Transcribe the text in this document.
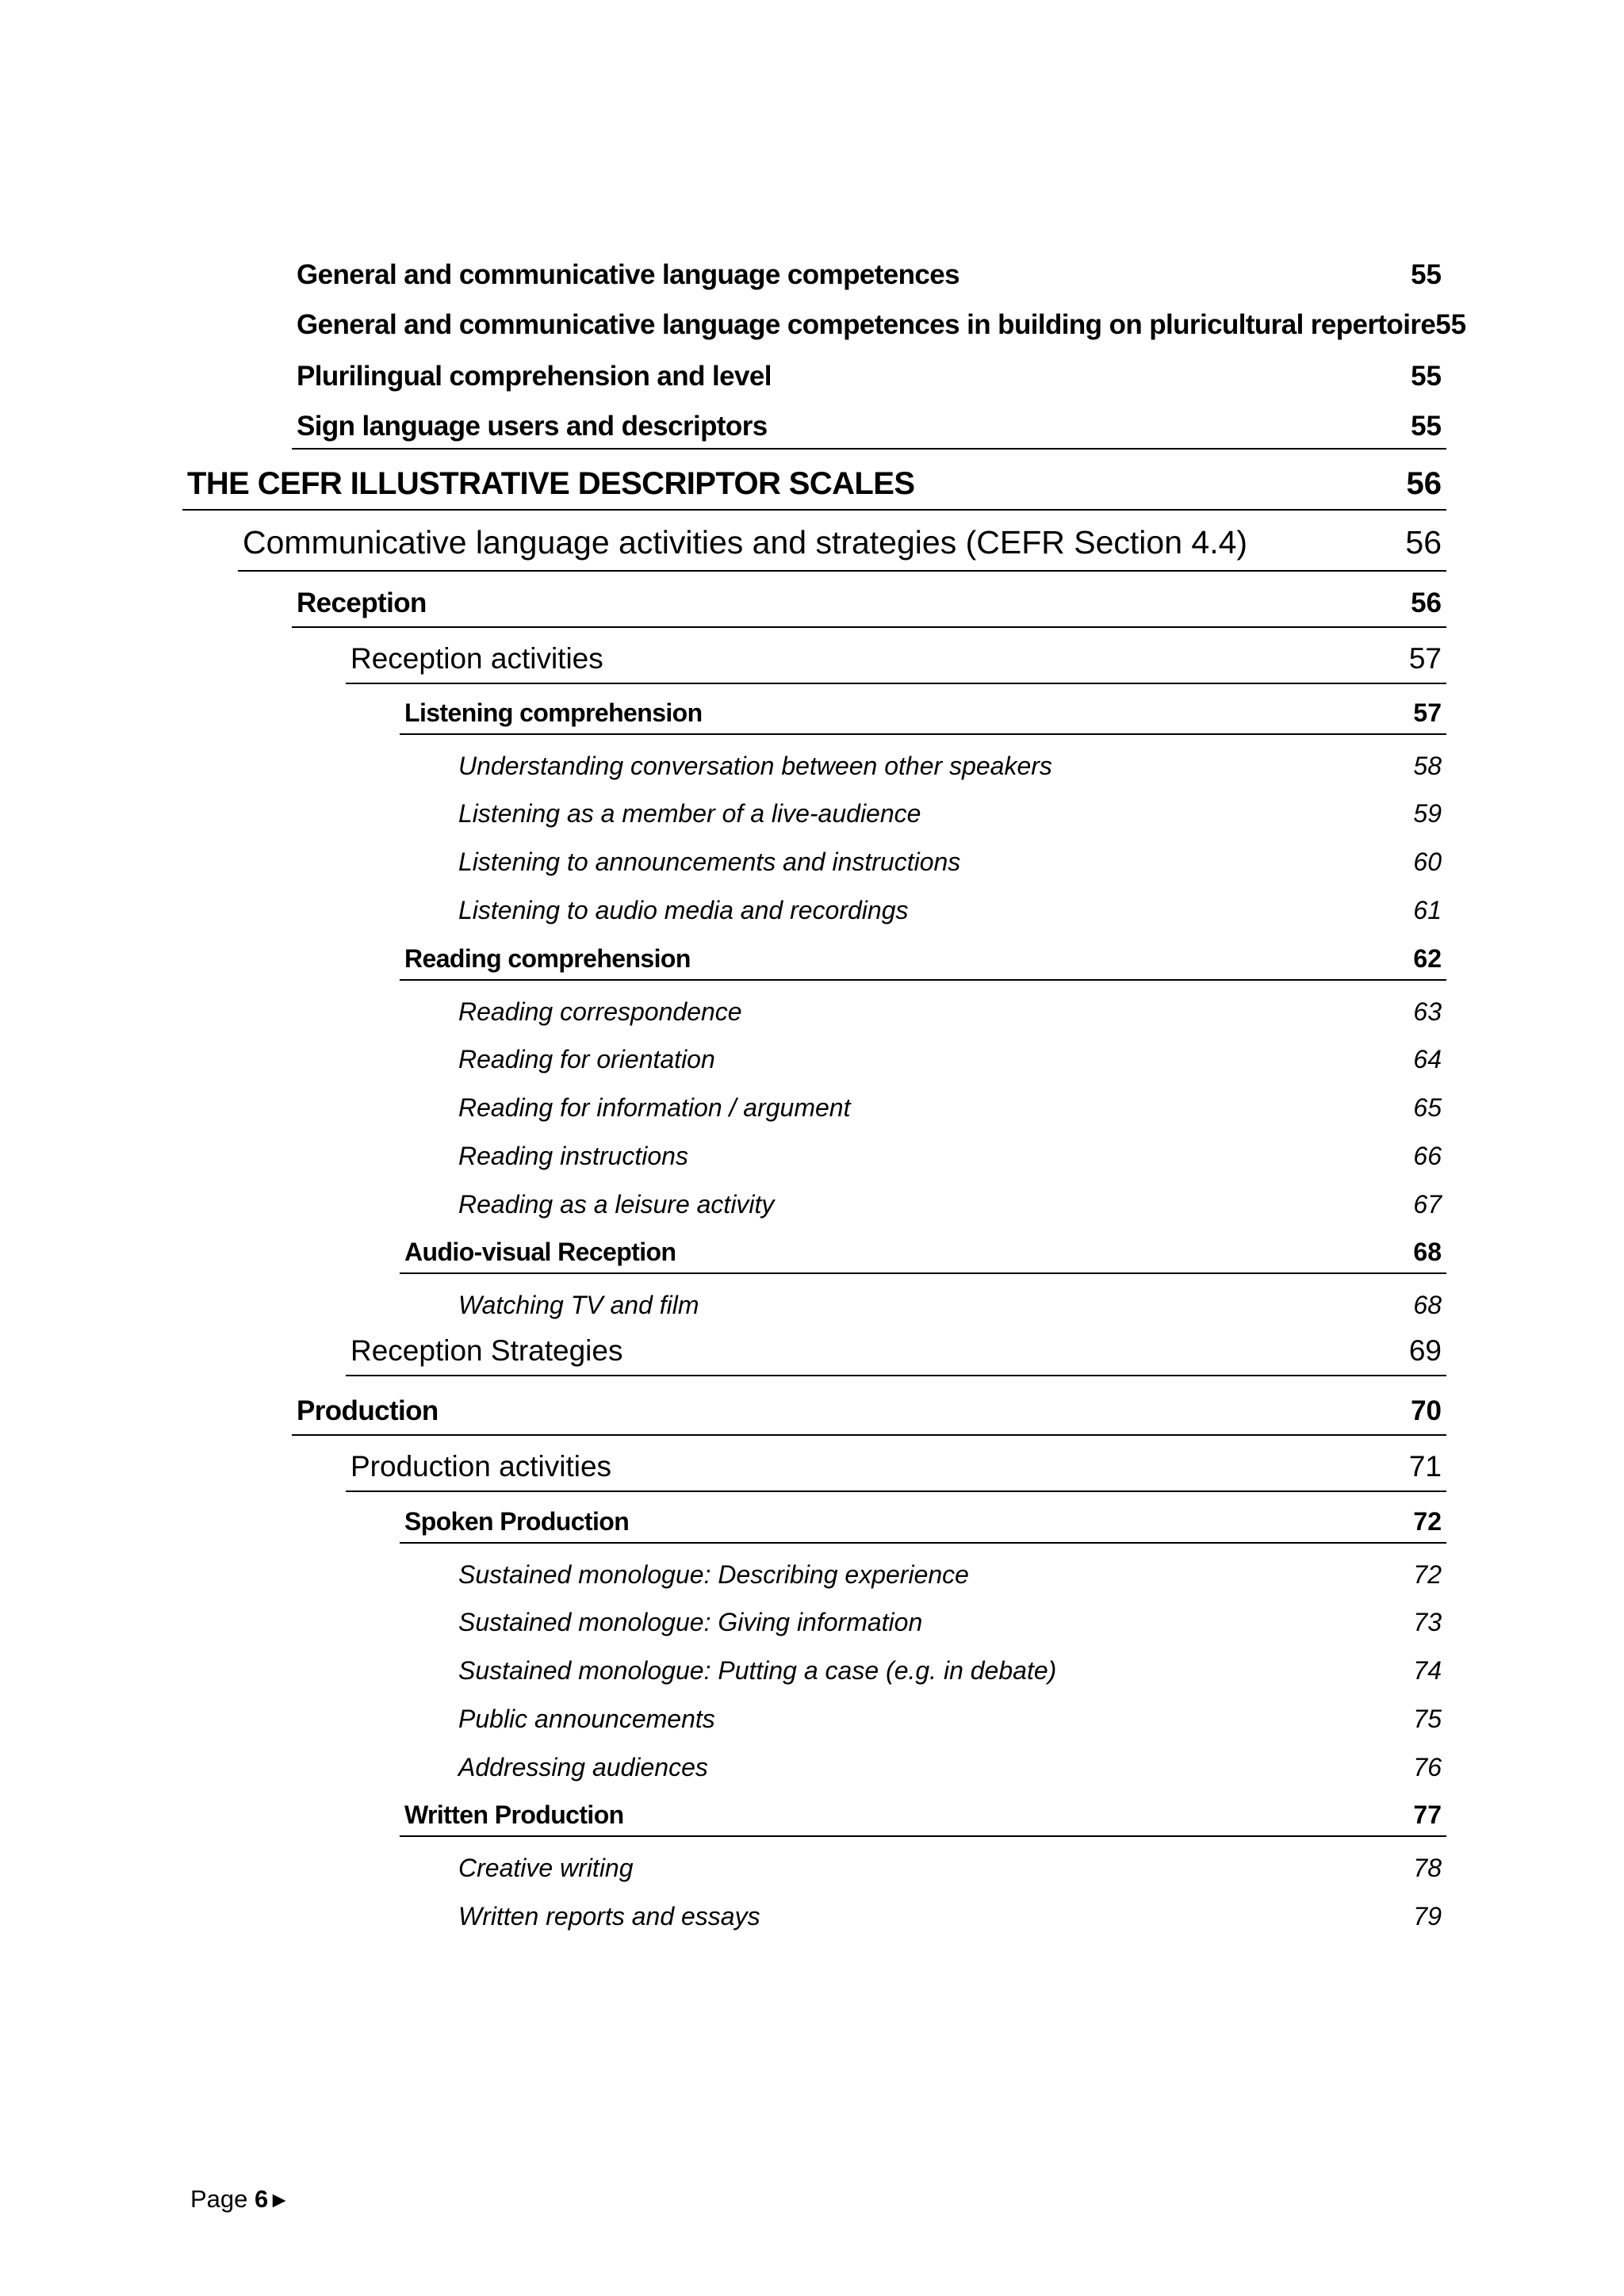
General and communicative language competences	55
General and communicative language competences in building on pluricultural repertoire 55
Plurilingual comprehension and level	55
Sign language users and descriptors	55
THE CEFR ILLUSTRATIVE DESCRIPTOR SCALES	56
Communicative language activities and strategies (CEFR Section 4.4)	56
Reception	56
Reception activities	57
Listening comprehension	57
Understanding conversation between other speakers	58
Listening as a member of a live-audience	59
Listening to announcements and instructions	60
Listening to audio media and recordings	61
Reading comprehension	62
Reading correspondence	63
Reading for orientation	64
Reading for information / argument	65
Reading instructions	66
Reading as a leisure activity	67
Audio-visual Reception	68
Watching TV and film	68
Reception Strategies	69
Production	70
Production activities	71
Spoken Production	72
Sustained monologue: Describing experience	72
Sustained monologue: Giving information	73
Sustained monologue: Putting a case (e.g. in debate)	74
Public announcements	75
Addressing audiences	76
Written Production	77
Creative writing	78
Written reports and essays	79
Page 6►
